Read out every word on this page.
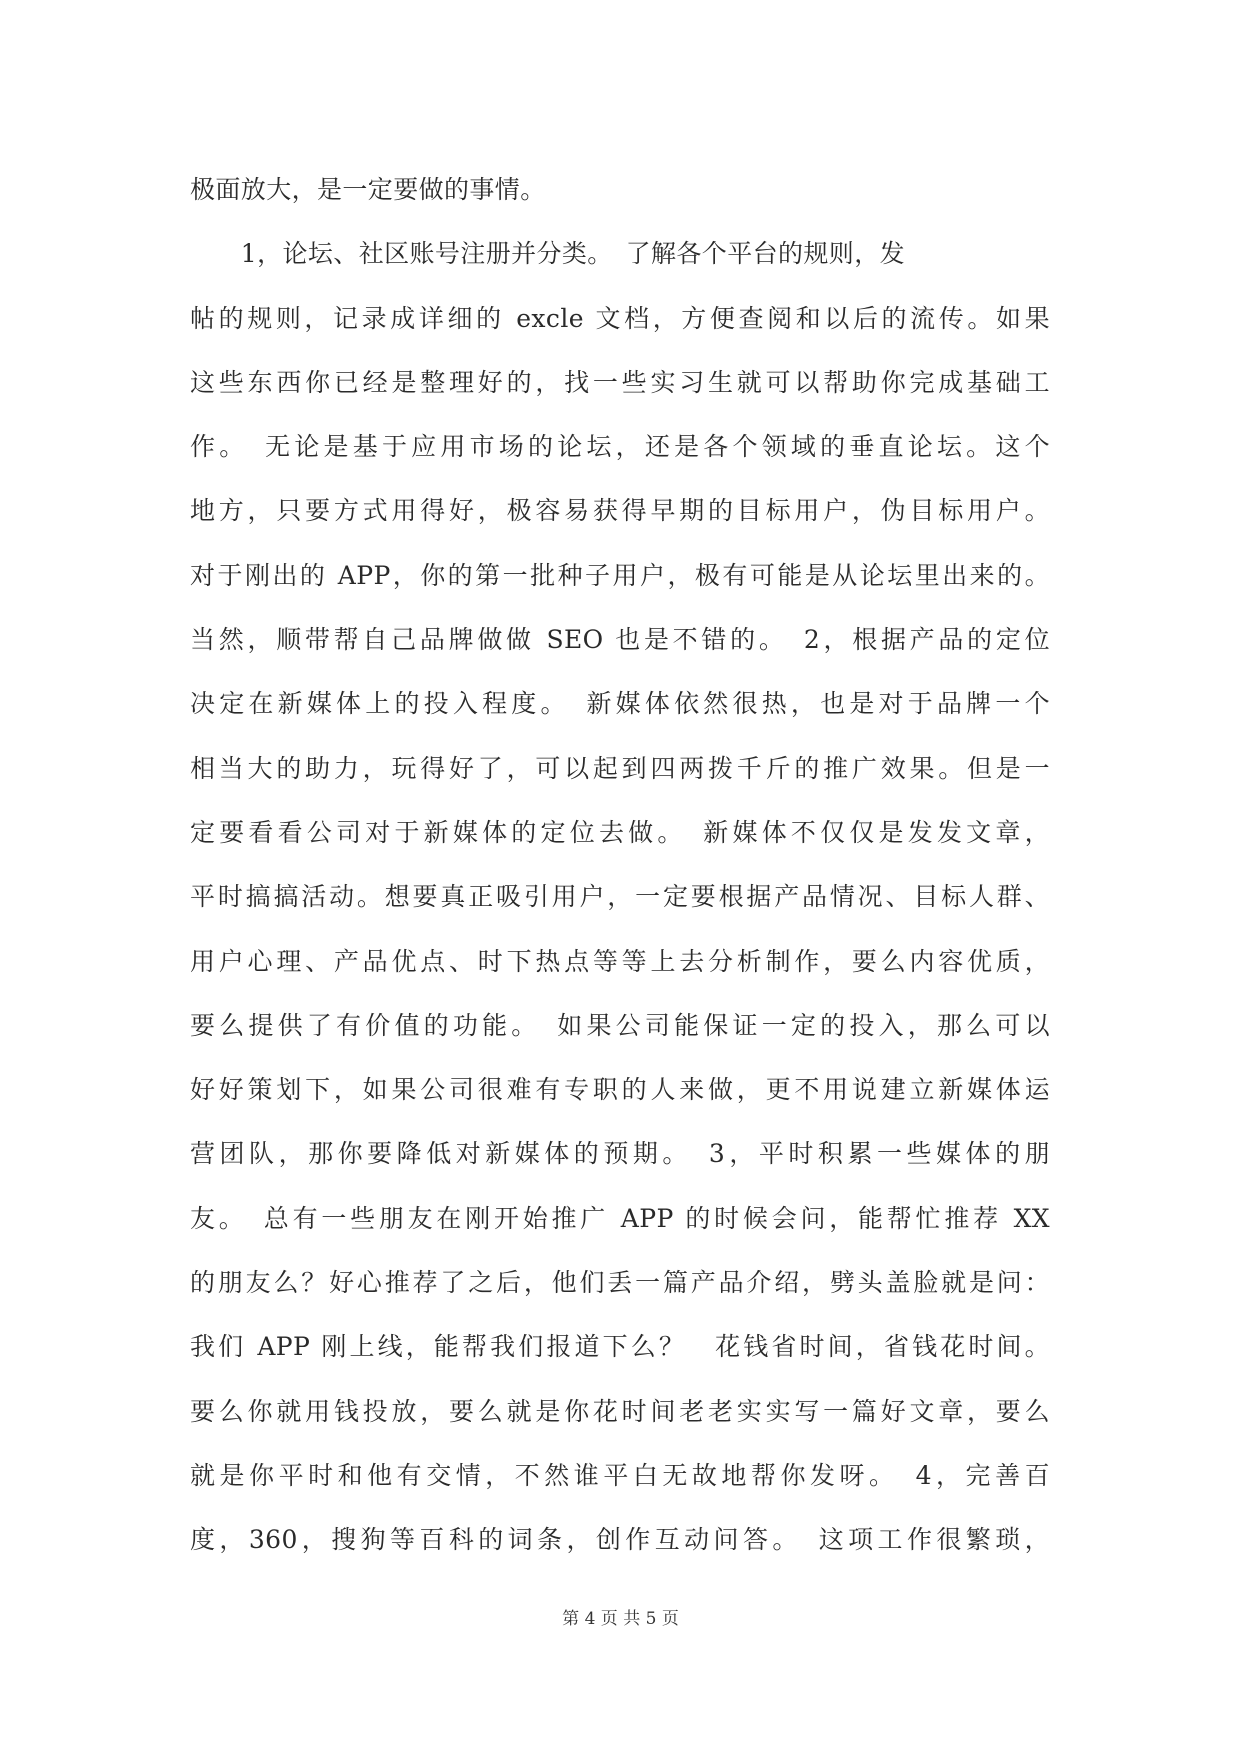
极面放大，是一定要做的事情。
　　1，论坛、社区账号注册并分类。　了解各个平台的规则，发
帖的规则，记录成详细的 excle 文档，方便查阅和以后的流传。如果
这些东西你已经是整理好的，找一些实习生就可以帮助你完成基础工
作。　无论是基于应用市场的论坛，还是各个领域的垂直论坛。这个
地方，只要方式用得好，极容易获得早期的目标用户，伪目标用户。
对于刚出的 APP，你的第一批种子用户，极有可能是从论坛里出来的。
当然，顺带帮自己品牌做做 SEO 也是不错的。　2，根据产品的定位
决定在新媒体上的投入程度。　新媒体依然很热，也是对于品牌一个
相当大的助力，玩得好了，可以起到四两拨千斤的推广效果。但是一
定要看看公司对于新媒体的定位去做。　新媒体不仅仅是发发文章，
平时搞搞活动。想要真正吸引用户，一定要根据产品情况、目标人群、
用户心理、产品优点、时下热点等等上去分析制作，要么内容优质，
要么提供了有价值的功能。　如果公司能保证一定的投入，那么可以
好好策划下，如果公司很难有专职的人来做，更不用说建立新媒体运
营团队，那你要降低对新媒体的预期。　3，平时积累一些媒体的朋
友。　总有一些朋友在刚开始推广 APP 的时候会问，能帮忙推荐 XX
的朋友么？好心推荐了之后，他们丢一篇产品介绍，劈头盖脸就是问：
我们 APP 刚上线，能帮我们报道下么？　花钱省时间，省钱花时间。
要么你就用钱投放，要么就是你花时间老老实实写一篇好文章，要么
就是你平时和他有交情，不然谁平白无故地帮你发呀。　4，完善百
度，360，搜狗等百科的词条，创作互动问答。　这项工作很繁琐，
第 4 页 共 5 页
